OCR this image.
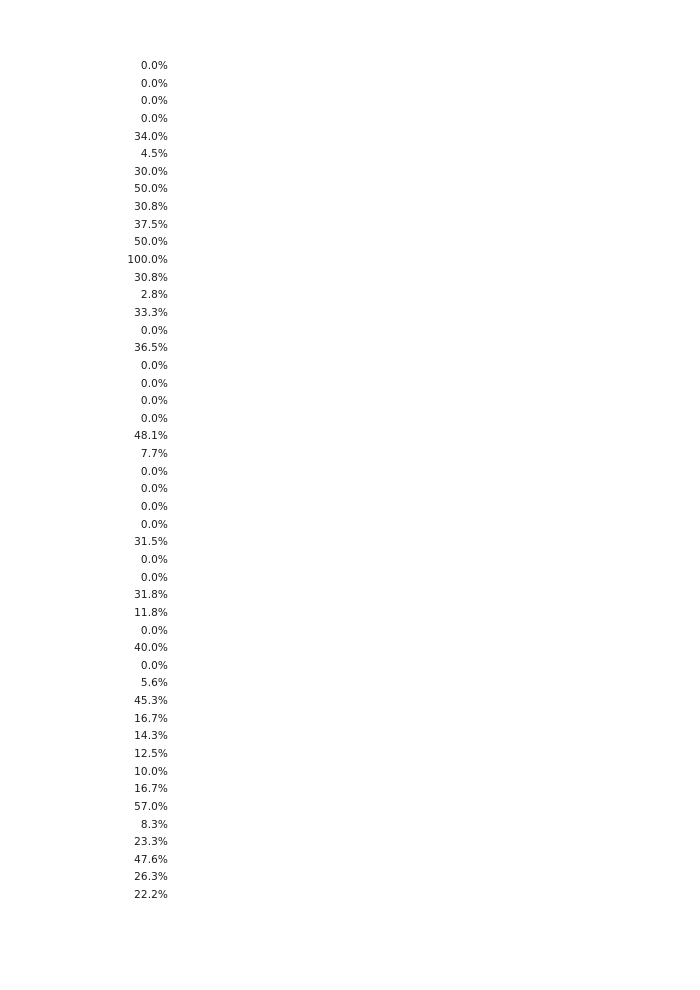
0.0%
0.0%
0.0%
0.0%
34.0%
4.5%
30.0%
50.0%
30.8%
37.5%
50.0%
100.0%
30.8%
2.8%
33.3%
0.0%
36.5%
0.0%
0.0%
0.0%
0.0%
48.1%
7.7%
0.0%
0.0%
0.0%
0.0%
31.5%
0.0%
0.0%
31.8%
11.8%
0.0%
40.0%
0.0%
5.6%
45.3%
16.7%
14.3%
12.5%
10.0%
16.7%
57.0%
8.3%
23.3%
47.6%
26.3%
22.2%
